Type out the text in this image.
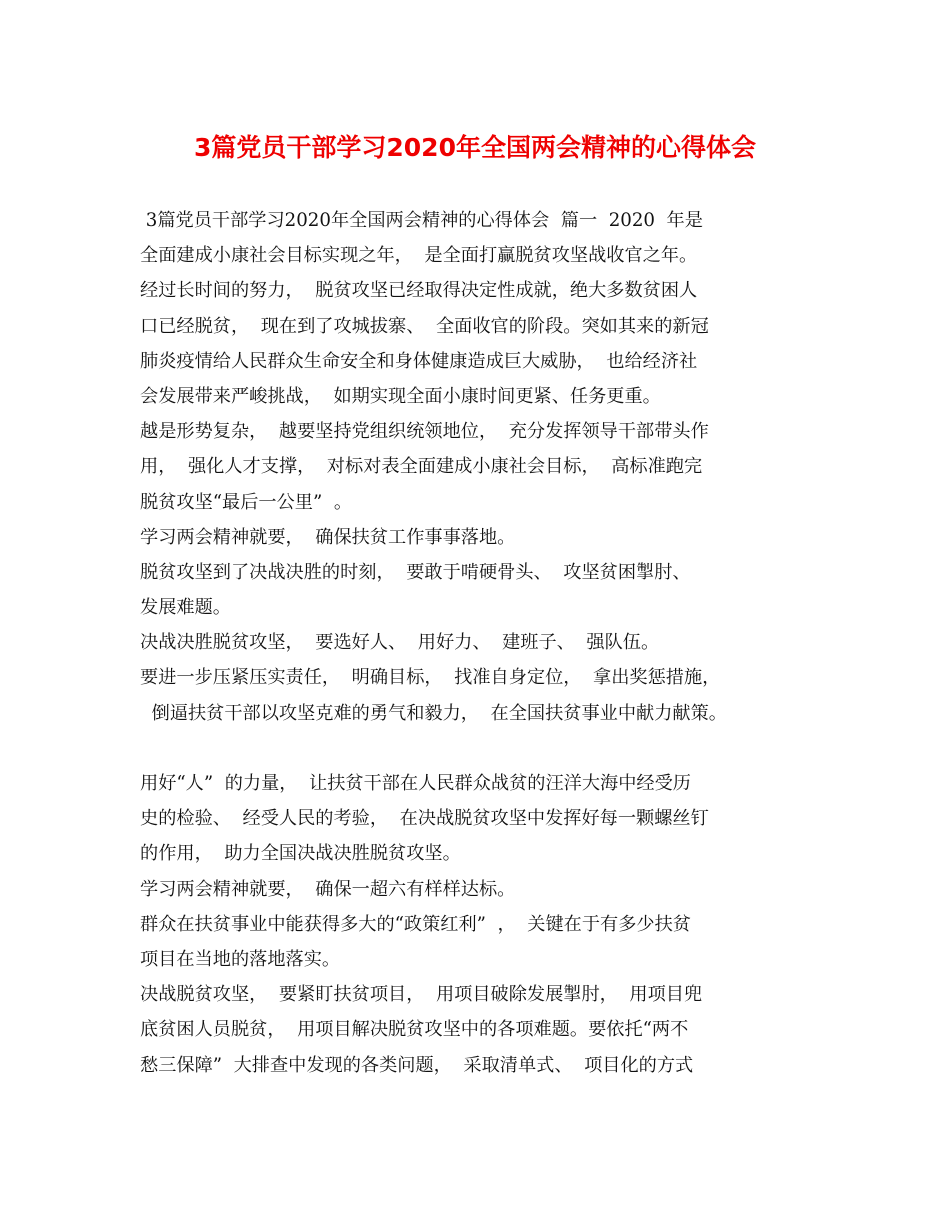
3篇党员干部学习2020年全国两会精神的心得体会
3篇党员干部学习2020年全国两会精神的心得体会  篇一  2020  年是
全面建成小康社会目标实现之年，  是全面打赢脱贫攻坚战收官之年。
经过长时间的努力，  脱贫攻坚已经取得决定性成就，绝大多数贫困人
口已经脱贫，  现在到了攻城拔寨、  全面收官的阶段。突如其来的新冠
肺炎疫情给人民群众生命安全和身体健康造成巨大威胁，  也给经济社
会发展带来严峻挑战，  如期实现全面小康时间更紧、任务更重。
越是形势复杂，  越要坚持党组织统领地位，  充分发挥领导干部带头作
用，  强化人才支撑，  对标对表全面建成小康社会目标，  高标准跑完
脱贫攻坚“最后一公里”  。
学习两会精神就要，  确保扶贫工作事事落地。
脱贫攻坚到了决战决胜的时刻，  要敢于啃硬骨头、  攻坚贫困掣肘、
发展难题。
决战决胜脱贫攻坚，  要选好人、  用好力、  建班子、  强队伍。
要进一步压紧压实责任，  明确目标，  找准自身定位，  拿出奖惩措施，
倒逼扶贫干部以攻坚克难的勇气和毅力，  在全国扶贫事业中献力献策。
用好“人”  的力量，  让扶贫干部在人民群众战贫的汪洋大海中经受历
史的检验、  经受人民的考验，  在决战脱贫攻坚中发挥好每一颗螺丝钉
的作用，  助力全国决战决胜脱贫攻坚。
学习两会精神就要，  确保一超六有样样达标。
群众在扶贫事业中能获得多大的“政策红利”  ，  关键在于有多少扶贫
项目在当地的落地落实。
决战脱贫攻坚，  要紧盯扶贫项目，  用项目破除发展掣肘，  用项目兜
底贫困人员脱贫，  用项目解决脱贫攻坚中的各项难题。要依托“两不
愁三保障”  大排查中发现的各类问题，  采取清单式、  项目化的方式
